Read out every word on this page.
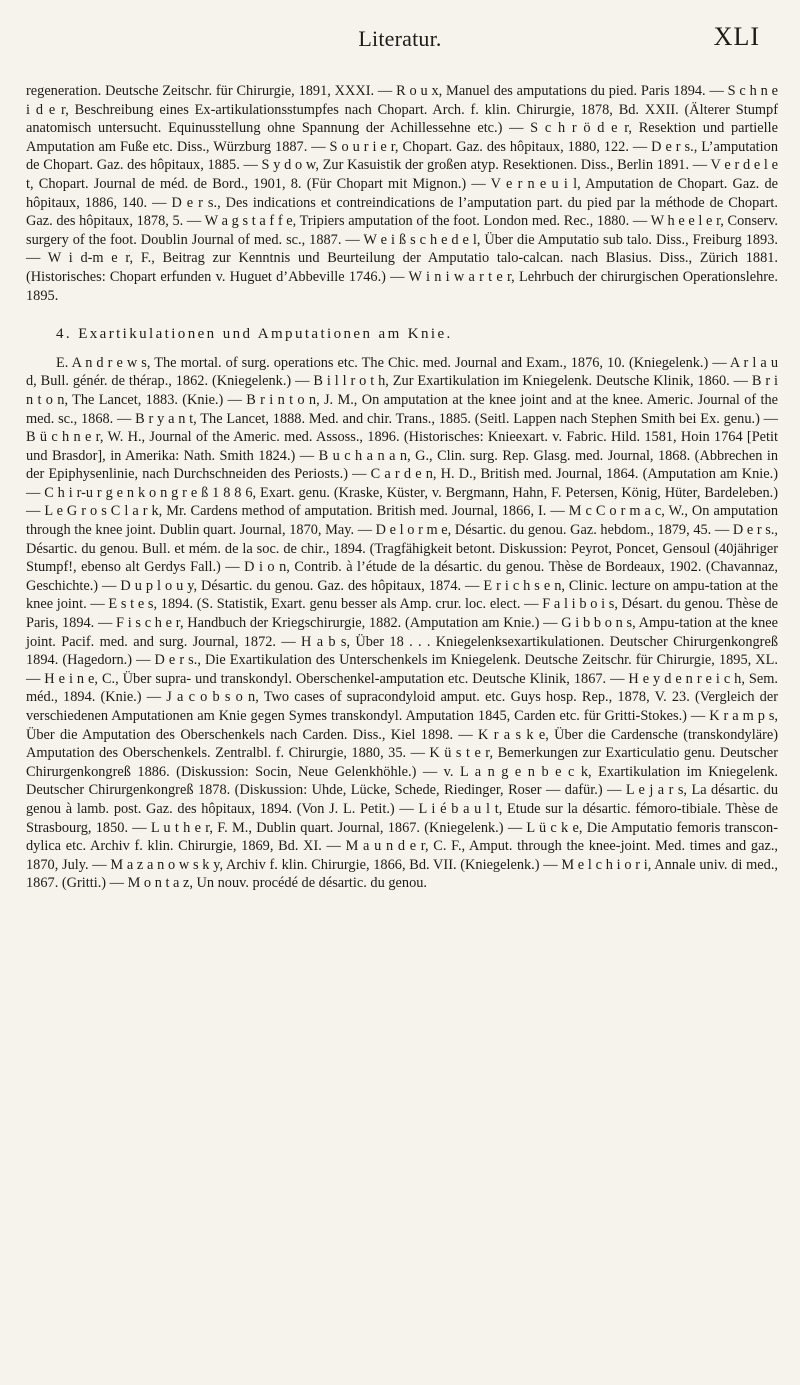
Literatur.	XLI

regeneration. Deutsche Zeitschr. für Chirurgie, 1891, XXXI. — R o u x, Manuel des amputations du pied. Paris 1894. — S c h n e i d e r, Beschreibung eines Ex-artikulationsstumpfes nach Chopart. Arch. f. klin. Chirurgie, 1878, Bd. XXII. (Älterer Stumpf anatomisch untersucht. Equinusstellung ohne Spannung der Achillessehne etc.) — S c h r ö d e r, Resektion und partielle Amputation am Fuße etc. Diss., Würzburg 1887. — S o u r i e r, Chopart. Gaz. des hôpitaux, 1880, 122. — D e r s., L’amputation de Chopart. Gaz. des hôpitaux, 1885. — S y d o w, Zur Kasuistik der großen atyp. Resektionen. Diss., Berlin 1891. — V e r d e l e t, Chopart. Journal de méd. de Bord., 1901, 8. (Für Chopart mit Mignon.) — V e r n e u i l, Amputation de Chopart. Gaz. de hôpitaux, 1886, 140. — D e r s., Des indications et contreindications de l’amputation part. du pied par la méthode de Chopart. Gaz. des hôpitaux, 1878, 5. — W a g s t a f f e, Tripiers amputation of the foot. London med. Rec., 1880. — W h e e l e r, Conserv. surgery of the foot. Doublin Journal of med. sc., 1887. — W e i ß s c h e d e l, Über die Amputatio sub talo. Diss., Freiburg 1893. — W i d-m e r, F., Beitrag zur Kenntnis und Beurteilung der Amputatio talo-calcan. nach Blasius. Diss., Zürich 1881. (Historisches: Chopart erfunden v. Huguet d’Abbeville 1746.) — W i n i w a r t e r, Lehrbuch der chirurgischen Operationslehre. 1895.

4. Exartikulationen und Amputationen am Knie.

E. A n d r e w s, The mortal. of surg. operations etc. The Chic. med. Journal and Exam., 1876, 10. (Kniegelenk.) — A r l a u d, Bull. génér. de thérap., 1862. (Kniegelenk.) — B i l l r o t h, Zur Exartikulation im Kniegelenk. Deutsche Klinik, 1860. — B r i n t o n, The Lancet, 1883. (Knie.) — B r i n t o n, J. M., On amputation at the knee joint and at the knee. Americ. Journal of the med. sc., 1868. — B r y a n t, The Lancet, 1888. Med. and chir. Trans., 1885. (Seitl. Lappen nach Stephen Smith bei Ex. genu.) — B ü c h n e r, W. H., Journal of the Americ. med. Assoss., 1896. (Historisches: Knieexart. v. Fabric. Hild. 1581, Hoin 1764 [Petit und Brasdor], in Amerika: Nath. Smith 1824.) — B u c h a n a n, G., Clin. surg. Rep. Glasg. med. Journal, 1868. (Abbrechen in der Epiphysenlinie, nach Durchschneiden des Periosts.) — C a r d e n, H. D., British med. Journal, 1864. (Amputation am Knie.) — C h i r-u r g e n k o n g r e ß 1 8 8 6, Exart. genu. (Kraske, Küster, v. Bergmann, Hahn, F. Petersen, König, Hüter, Bardeleben.) — L e G r o s C l a r k, Mr. Cardens method of amputation. British med. Journal, 1866, I. — M c C o r m a c, W., On amputation through the knee joint. Dublin quart. Journal, 1870, May. — D e l o r m e, Désartic. du genou. Gaz. hebdom., 1879, 45. — D e r s., Désartic. du genou. Bull. et mém. de la soc. de chir., 1894. (Tragfähigkeit betont. Diskussion: Peyrot, Poncet, Gensoul (40jähriger Stumpf!, ebenso alt Gerdys Fall.) — D i o n, Contrib. à l’étude de la désartic. du genou. Thèse de Bordeaux, 1902. (Chavannaz, Geschichte.) — D u p l o u y, Désartic. du genou. Gaz. des hôpitaux, 1874. — E r i c h s e n, Clinic. lecture on ampu-tation at the knee joint. — E s t e s, 1894. (S. Statistik, Exart. genu besser als Amp. crur. loc. elect. — F a l i b o i s, Désart. du genou. Thèse de Paris, 1894. — F i s c h e r, Handbuch der Kriegschirurgie, 1882. (Amputation am Knie.) — G i b b o n s, Ampu-tation at the knee joint. Pacif. med. and surg. Journal, 1872. — H a b s, Über 18 . . . Kniegelenksexartikulationen. Deutscher Chirurgenkongreß 1894. (Hagedorn.) — D e r s., Die Exartikulation des Unterschenkels im Kniegelenk. Deutsche Zeitschr. für Chirurgie, 1895, XL. — H e i n e, C., Über supra- und transkondyl. Oberschenkel-amputation etc. Deutsche Klinik, 1867. — H e y d e n r e i c h, Sem. méd., 1894. (Knie.) — J a c o b s o n, Two cases of supracondyloid amput. etc. Guys hosp. Rep., 1878, V. 23. (Vergleich der verschiedenen Amputationen am Knie gegen Symes transkondyl. Amputation 1845, Carden etc. für Gritti-Stokes.) — K r a m p s, Über die Amputation des Oberschenkels nach Carden. Diss., Kiel 1898. — K r a s k e, Über die Cardensche (transkondyläre) Amputation des Oberschenkels. Zentralbl. f. Chirurgie, 1880, 35. — K ü s t e r, Bemerkungen zur Exarticulatio genu. Deutscher Chirurgenkongreß 1886. (Diskussion: Socin, Neue Gelenkhöhle.) — v. L a n g e n b e c k, Exartikulation im Kniegelenk. Deutscher Chirurgenkongreß 1878. (Diskussion: Uhde, Lücke, Schede, Riedinger, Roser — dafür.) — L e j a r s, La désartic. du genou à lamb. post. Gaz. des hôpitaux, 1894. (Von J. L. Petit.) — L i é b a u l t, Etude sur la désartic. fémoro-tibiale. Thèse de Strasbourg, 1850. — L u t h e r, F. M., Dublin quart. Journal, 1867. (Kniegelenk.) — L ü c k e, Die Amputatio femoris transcon-dylica etc. Archiv f. klin. Chirurgie, 1869, Bd. XI. — M a u n d e r, C. F., Amput. through the knee-joint. Med. times and gaz., 1870, July. — M a z a n o w s k y, Archiv f. klin. Chirurgie, 1866, Bd. VII. (Kniegelenk.) — M e l c h i o r i, Annale univ. di med., 1867. (Gritti.) — M o n t a z, Un nouv. procédé de désartic. du genou.
